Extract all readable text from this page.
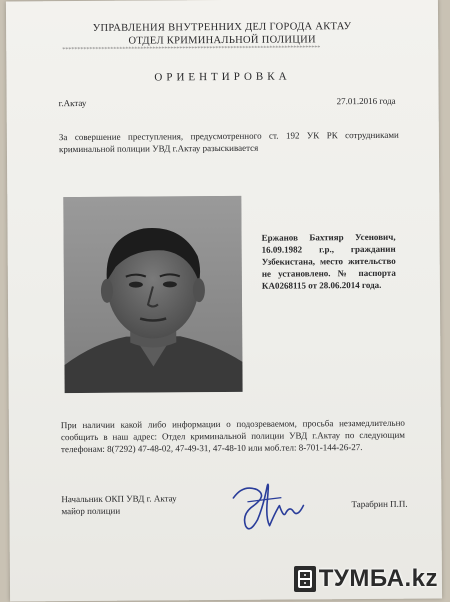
УПРАВЛЕНИЯ ВНУТРЕННИХ ДЕЛ ГОРОДА АКТАУ
ОТДЕЛ КРИМИНАЛЬНОЙ ПОЛИЦИИ
**************************************************************************************
ОРИЕНТИРОВКА
г.Актау	27.01.2016 года
За совершение преступления, предусмотренного ст. 192 УК РК сотрудниками криминальной полиции УВД г.Актау разыскивается
Ержанов Бахтияр Усенович, 16.09.1982 г.р., гражданин Узбекистана, место жительство не установлено. № паспорта КА0268115 от 28.06.2014 года.
При наличии какой либо информации о подозреваемом, просьба незамедлительно сообщить в наш адрес: Отдел криминальной полиции УВД г.Актау по следующим телефонам: 8(7292) 47-48-02, 47-49-31, 47-48-10 или моб.тел: 8-701-144-26-27.
Начальник ОКП УВД г. Актау
майор полиции
Тарабрин П.П.
ТУМБА.kz
